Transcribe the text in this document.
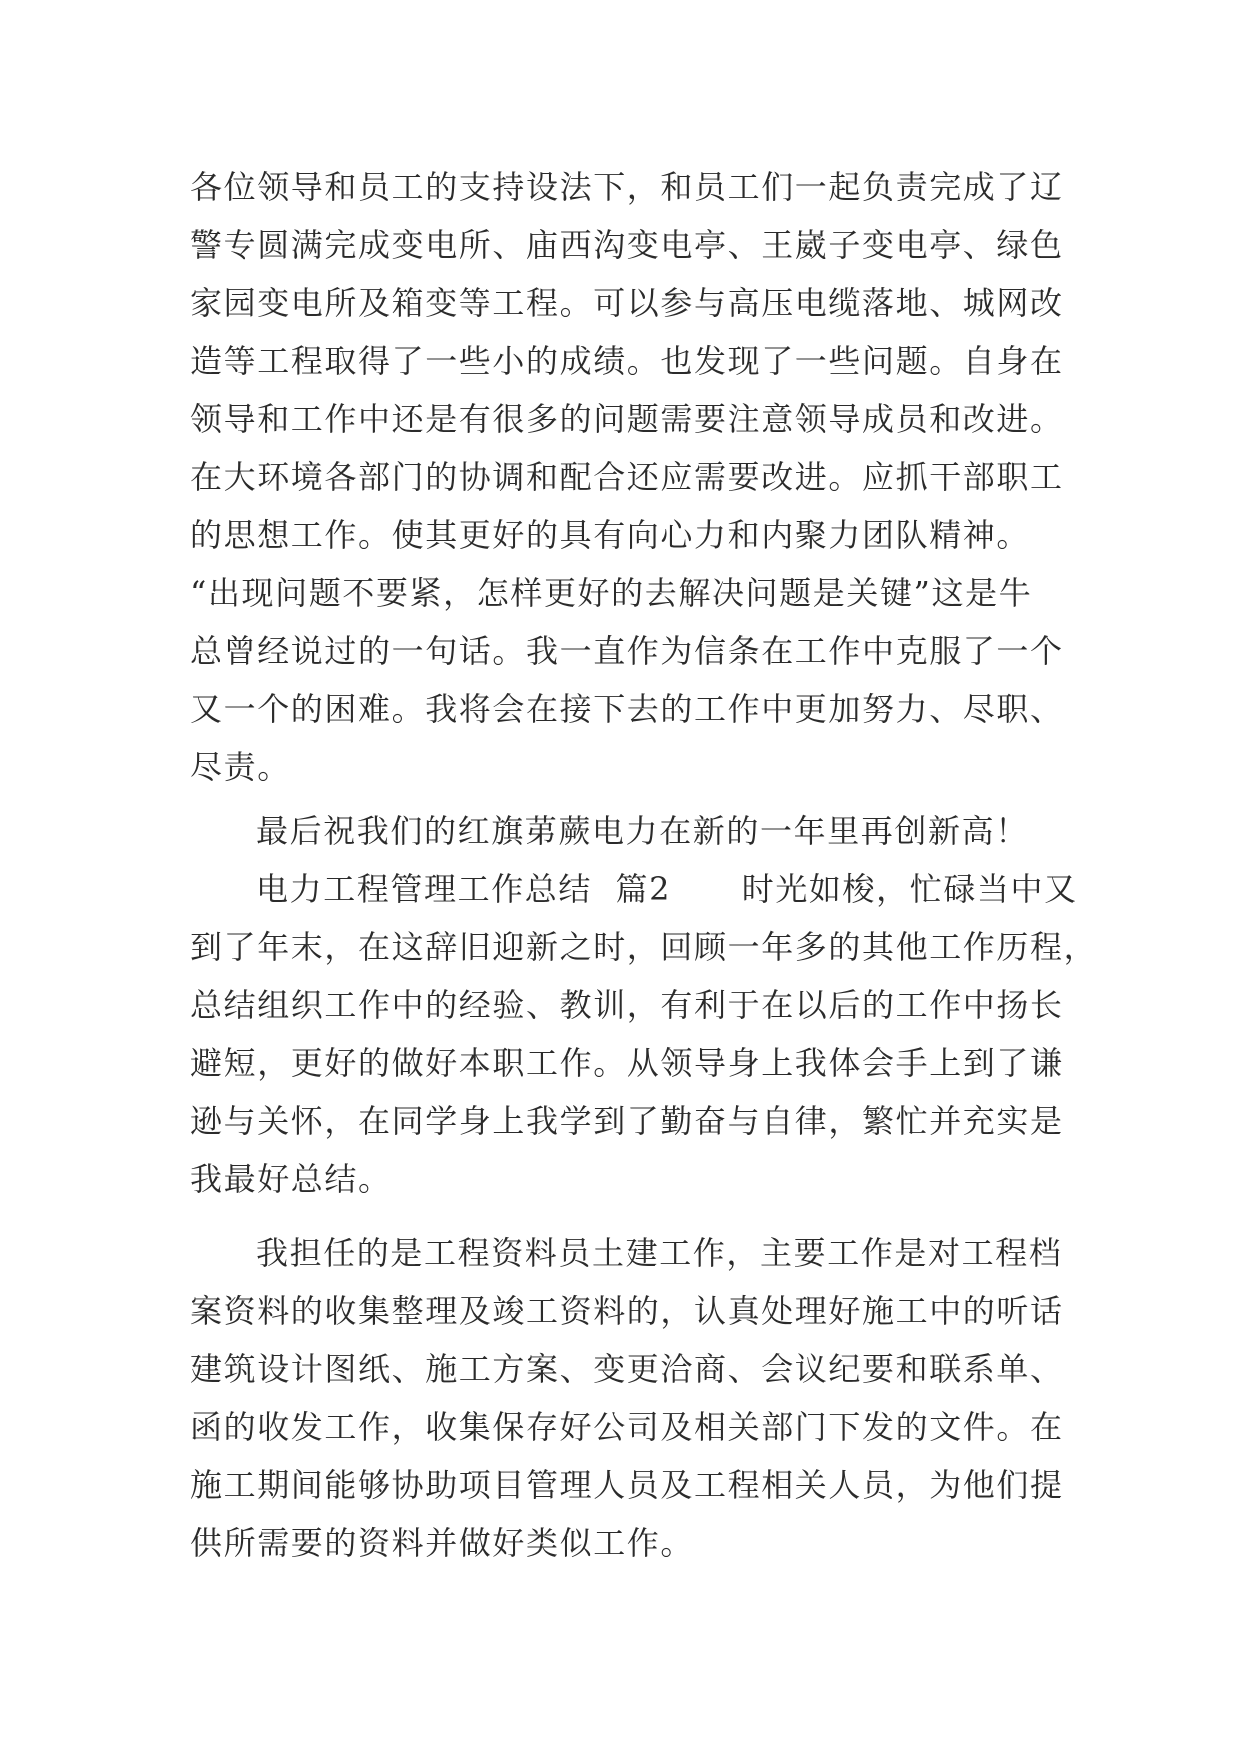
各位领导和员工的支持设法下，和员工们一起负责完成了辽
警专圆满完成变电所、庙西沟变电亭、王崴子变电亭、绿色
家园变电所及箱变等工程。可以参与高压电缆落地、城网改
造等工程取得了一些小的成绩。也发现了一些问题。自身在
领导和工作中还是有很多的问题需要注意领导成员和改进。
在大环境各部门的协调和配合还应需要改进。应抓干部职工
的思想工作。使其更好的具有向心力和内聚力团队精神。
“出现问题不要紧，怎样更好的去解决问题是关键”这是牛
总曾经说过的一句话。我一直作为信条在工作中克服了一个
又一个的困难。我将会在接下去的工作中更加努力、尽职、
尽责。
最后祝我们的红旗苐蕨电力在新的一年里再创新高！
电力工程管理工作总结  篇2      时光如梭，忙碌当中又
到了年末，在这辞旧迎新之时，回顾一年多的其他工作历程，
总结组织工作中的经验、教训，有利于在以后的工作中扬长
避短，更好的做好本职工作。从领导身上我体会手上到了谦
逊与关怀，在同学身上我学到了勤奋与自律，繁忙并充实是
我最好总结。
我担任的是工程资料员土建工作，主要工作是对工程档
案资料的收集整理及竣工资料的，认真处理好施工中的听话
建筑设计图纸、施工方案、变更洽商、会议纪要和联系单、
函的收发工作，收集保存好公司及相关部门下发的文件。在
施工期间能够协助项目管理人员及工程相关人员，为他们提
供所需要的资料并做好类似工作。
